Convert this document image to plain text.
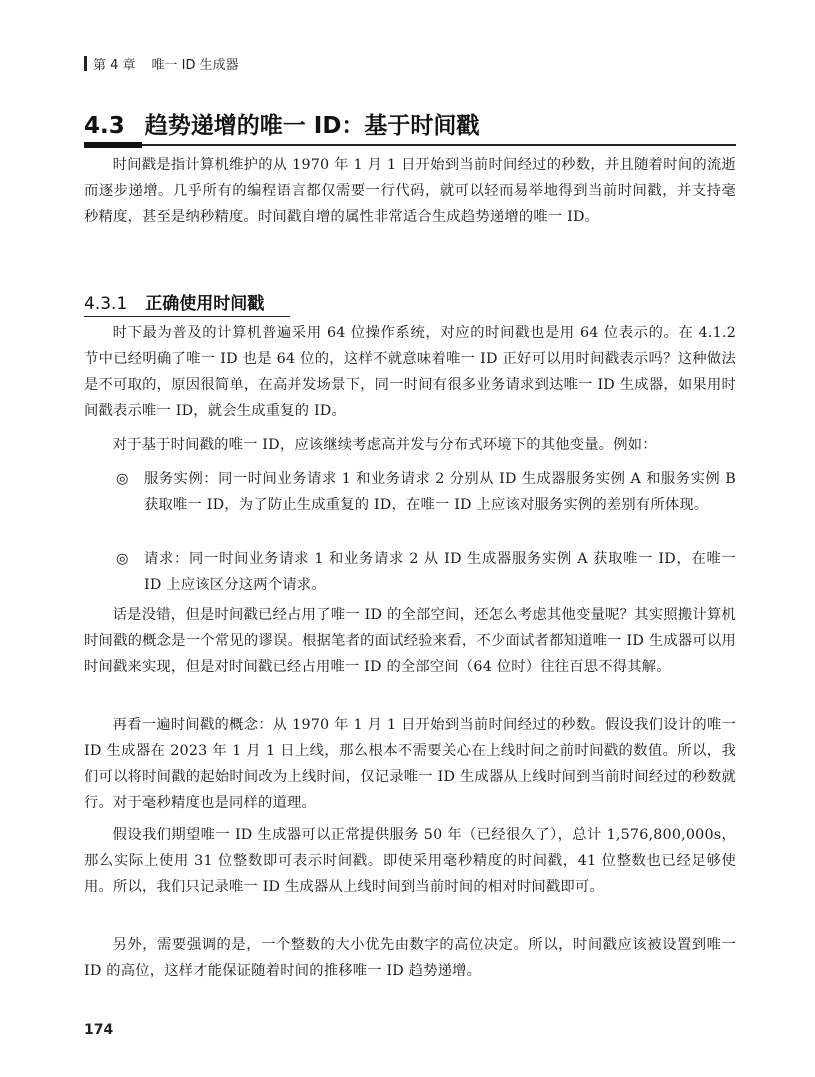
第 4 章 唯一 ID 生成器
4.3 趋势递增的唯一 ID：基于时间戳

时间戳是指计算机维护的从 1970 年 1 月 1 日开始到当前时间经过的秒数，并且随着时间的流逝而逐步递增。几乎所有的编程语言都仅需要一行代码，就可以轻而易举地得到当前时间戳，并支持毫秒精度，甚至是纳秒精度。时间戳自增的属性非常适合生成趋势递增的唯一 ID。

4.3.1 正确使用时间戳

时下最为普及的计算机普遍采用 64 位操作系统，对应的时间戳也是用 64 位表示的。在 4.1.2 节中已经明确了唯一 ID 也是 64 位的，这样不就意味着唯一 ID 正好可以用时间戳表示吗？这种做法是不可取的，原因很简单，在高并发场景下，同一时间有很多业务请求到达唯一 ID 生成器，如果用时间戳表示唯一 ID，就会生成重复的 ID。

对于基于时间戳的唯一 ID，应该继续考虑高并发与分布式环境下的其他变量。例如：

◎ 服务实例：同一时间业务请求 1 和业务请求 2 分别从 ID 生成器服务实例 A 和服务实例 B 获取唯一 ID，为了防止生成重复的 ID，在唯一 ID 上应该对服务实例的差别有所体现。
◎ 请求：同一时间业务请求 1 和业务请求 2 从 ID 生成器服务实例 A 获取唯一 ID，在唯一 ID 上应该区分这两个请求。

话是没错，但是时间戳已经占用了唯一 ID 的全部空间，还怎么考虑其他变量呢？其实照搬计算机时间戳的概念是一个常见的谬误。根据笔者的面试经验来看，不少面试者都知道唯一 ID 生成器可以用时间戳来实现，但是对时间戳已经占用唯一 ID 的全部空间（64 位时）往往百思不得其解。

再看一遍时间戳的概念：从 1970 年 1 月 1 日开始到当前时间经过的秒数。假设我们设计的唯一 ID 生成器在 2023 年 1 月 1 日上线，那么根本不需要关心在上线时间之前时间戳的数值。所以，我们可以将时间戳的起始时间改为上线时间，仅记录唯一 ID 生成器从上线时间到当前时间经过的秒数就行。对于毫秒精度也是同样的道理。

假设我们期望唯一 ID 生成器可以正常提供服务 50 年（已经很久了），总计 1,576,800,000s，那么实际上使用 31 位整数即可表示时间戳。即使采用毫秒精度的时间戳，41 位整数也已经足够使用。所以，我们只记录唯一 ID 生成器从上线时间到当前时间的相对时间戳即可。

另外，需要强调的是，一个整数的大小优先由数字的高位决定。所以，时间戳应该被设置到唯一 ID 的高位，这样才能保证随着时间的推移唯一 ID 趋势递增。

174
